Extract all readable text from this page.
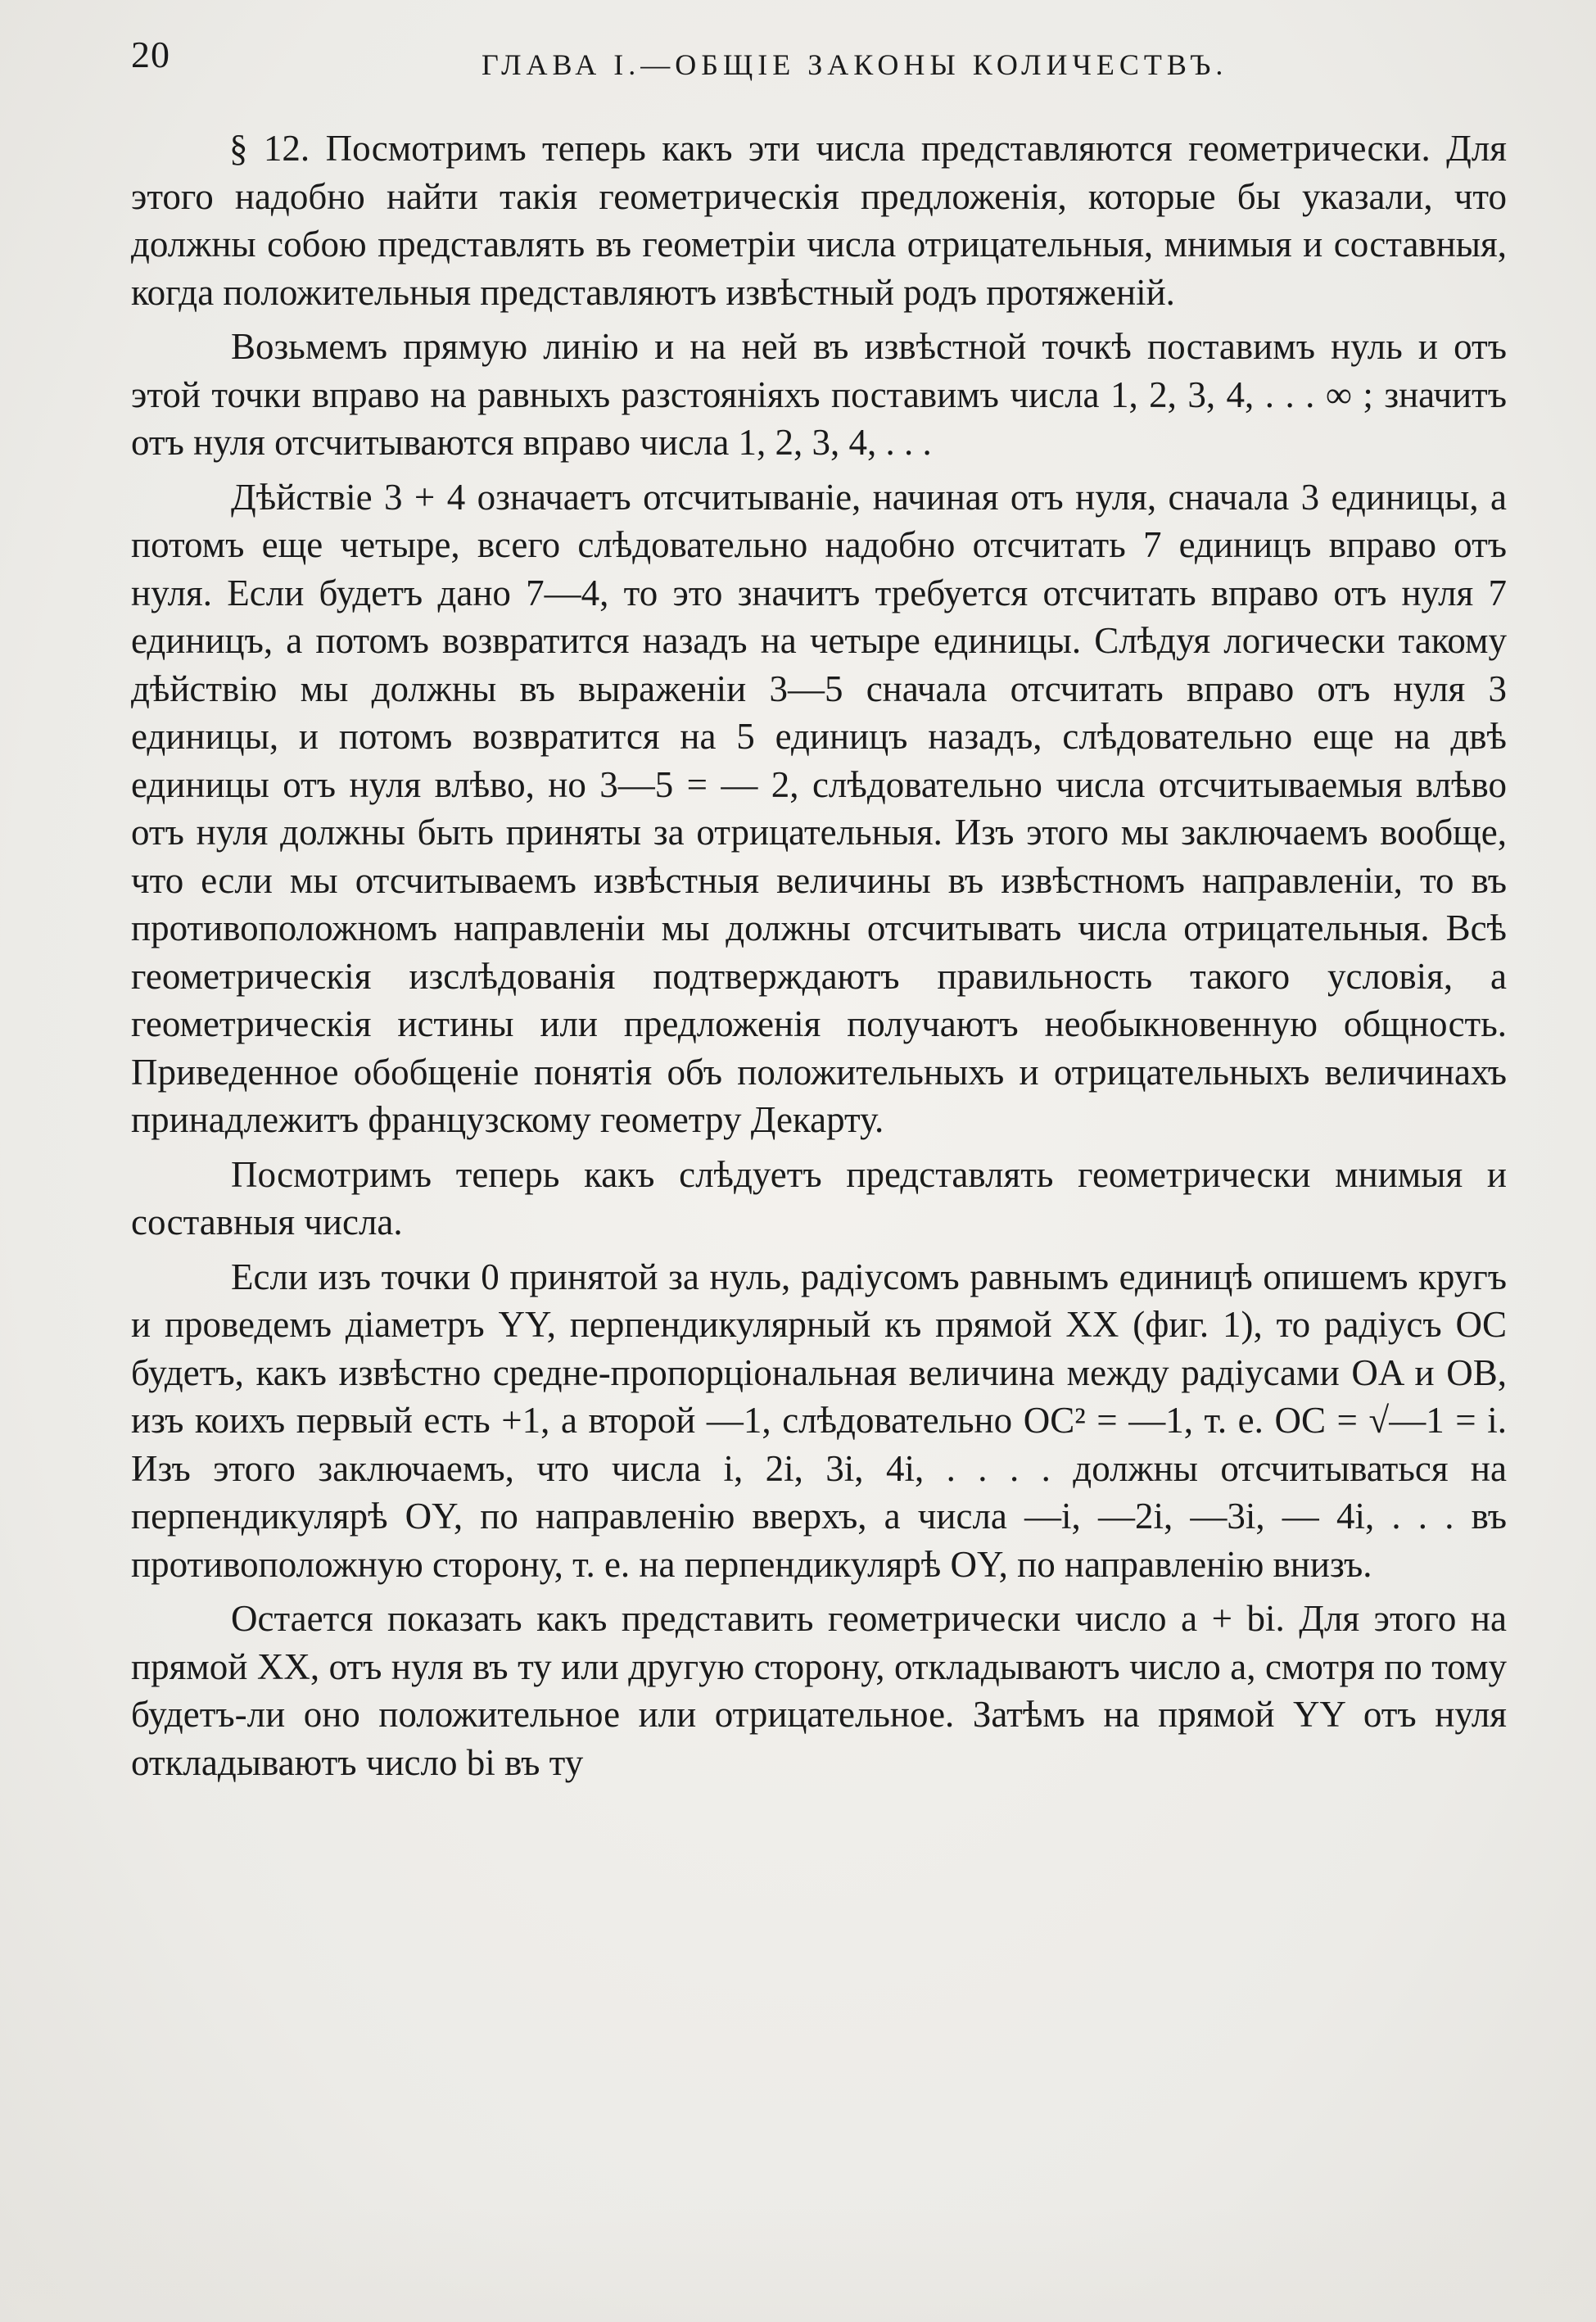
20	ГЛАВА I.—ОБЩІЕ ЗАКОНЫ КОЛИЧЕСТВЪ.

§ 12. Посмотримъ теперь какъ эти числа представляются геометрически. Для этого надобно найти такія геометрическія предложенія, которые бы указали, что должны собою представлять въ геометріи числа отрицательныя, мнимыя и составныя, когда положительныя представляютъ извѣстный родъ протяженій.

Возьмемъ прямую линію и на ней въ извѣстной точкѣ поставимъ нуль и отъ этой точки вправо на равныхъ разстояніяхъ поставимъ числа 1, 2, 3, 4, . . . ∞ ; значитъ отъ нуля отсчитываются вправо числа 1, 2, 3, 4, . . .

Дѣйствіе 3 + 4 означаетъ отсчитываніе, начиная отъ нуля, сначала 3 единицы, а потомъ еще четыре, всего слѣдовательно надобно отсчитать 7 единицъ вправо отъ нуля. Если будетъ дано 7—4, то это значитъ требуется отсчитать вправо отъ нуля 7 единицъ, а потомъ возвратится назадъ на четыре единицы. Слѣдуя логически такому дѣйствію мы должны въ выраженіи 3—5 сначала отсчитать вправо отъ нуля 3 единицы, и потомъ возвратится на 5 единицъ назадъ, слѣдовательно еще на двѣ единицы отъ нуля влѣво, но 3—5 = — 2, слѣдовательно числа отсчитываемыя влѣво отъ нуля должны быть приняты за отрицательныя. Изъ этого мы заключаемъ вообще, что если мы отсчитываемъ извѣстныя величины въ извѣстномъ направленіи, то въ противоположномъ направленіи мы должны отсчитывать числа отрицательныя. Всѣ геометрическія изслѣдованія подтверждаютъ правильность такого условія, а геометрическія истины или предложенія получаютъ необыкновенную общность. Приведенное обобщеніе понятія объ положительныхъ и отрицательныхъ величинахъ принадлежитъ французскому геометру Декарту.

Посмотримъ теперь какъ слѣдуетъ представлять геометрически мнимыя и составныя числа.

Если изъ точки 0 принятой за нуль, радіусомъ равнымъ единицѣ опишемъ кругъ и проведемъ діаметръ YY, перпендикулярный къ прямой XX (фиг. 1), то радіусъ OC будетъ, какъ извѣстно средне-пропорціональная величина между радіусами OA и OB, изъ коихъ первый есть +1, а второй —1, слѣдовательно OC² = —1, т. е. OC = √—1 = i. Изъ этого заключаемъ, что числа i, 2i, 3i, 4i, . . . . должны отсчитываться на перпендикулярѣ OY, по направленію вверхъ, а числа —i, —2i, —3i, — 4i, . . . въ противоположную сторону, т. е. на перпендикулярѣ OY, по направленію внизъ.

Остается показать какъ представить геометрически число a + bi. Для этого на прямой XX, отъ нуля въ ту или другую сторону, откладываютъ число a, смотря по тому будетъ-ли оно положительное или отрицательное. Затѣмъ на прямой YY отъ нуля откладываютъ число bi въ ту
